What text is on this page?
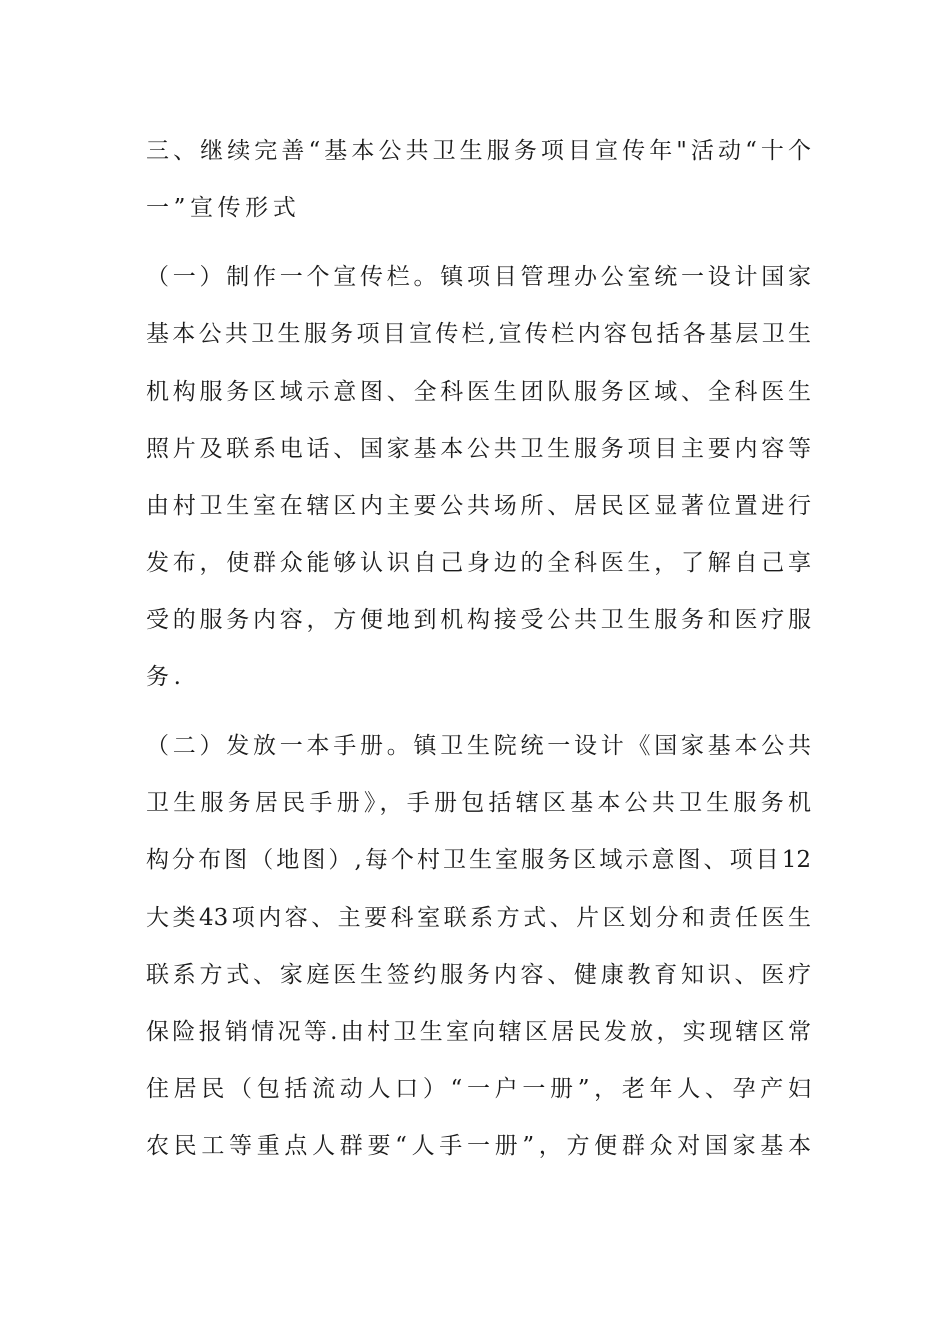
三、继续完善“基本公共卫生服务项目宣传年"活动“十个
一”宣传形式
（一）制作一个宣传栏。镇项目管理办公室统一设计国家
基本公共卫生服务项目宣传栏,宣传栏内容包括各基层卫生
机构服务区域示意图、全科医生团队服务区域、全科医生
照片及联系电话、国家基本公共卫生服务项目主要内容等
由村卫生室在辖区内主要公共场所、居民区显著位置进行
发布，使群众能够认识自己身边的全科医生，了解自己享
受的服务内容，方便地到机构接受公共卫生服务和医疗服
务.
（二）发放一本手册。镇卫生院统一设计《国家基本公共
卫生服务居民手册》，手册包括辖区基本公共卫生服务机
构分布图（地图）,每个村卫生室服务区域示意图、项目12
大类43项内容、主要科室联系方式、片区划分和责任医生
联系方式、家庭医生签约服务内容、健康教育知识、医疗
保险报销情况等.由村卫生室向辖区居民发放，实现辖区常
住居民（包括流动人口）“一户一册”，老年人、孕产妇
农民工等重点人群要“人手一册”，方便群众对国家基本
